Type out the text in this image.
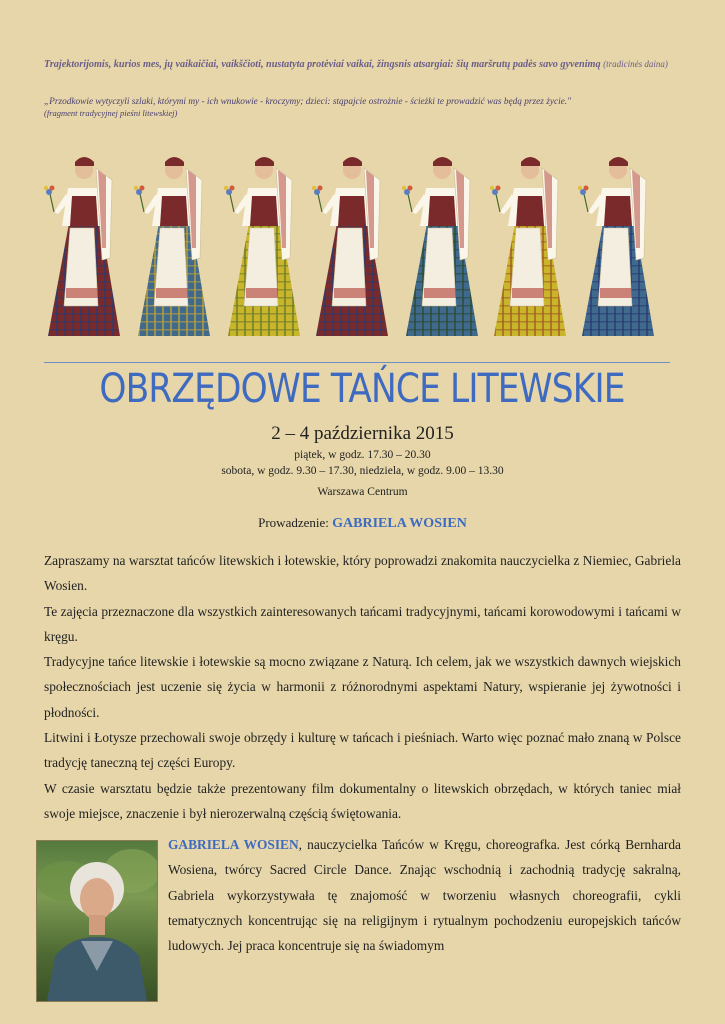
Trajektorijomis, kurios mes, jų vaikaičiai, vaikščioti, nustatyta protėviai vaikai, žingsnis atsargiai: šių maršrutų padės savo gyvenimą (tradicinės daina)
„Przodkowie wytyczyli szlaki, którymi my - ich wnukowie - kroczymy; dzieci: stąpajcie ostrożnie - ścieżki te prowadzić was będą przez życie."
(fragment tradycyjnej pieśni litewskiej)
OBRZĘDOWE TAŃCE LITEWSKIE
2 – 4 października 2015
piątek, w godz. 17.30 – 20.30
sobota, w godz. 9.30 – 17.30, niedziela, w godz. 9.00 – 13.30
Warszawa Centrum
Prowadzenie: GABRIELA WOSIEN

Zapraszamy na warsztat tańców litewskich i łotewskie, który poprowadzi znakomita nauczycielka z Niemiec, Gabriela Wosien.

Te zajęcia przeznaczone dla wszystkich zainteresowanych tańcami tradycyjnymi, tańcami korowodowymi i tańcami w kręgu.

Tradycyjne tańce litewskie i łotewskie są mocno związane z Naturą. Ich celem, jak we wszystkich dawnych wiejskich społecznościach jest uczenie się życia w harmonii z różnorodnymi aspektami Natury, wspieranie jej żywotności i płodności.

Litwini i Łotysze przechowali swoje obrzędy i kulturę w tańcach i pieśniach. Warto więc poznać mało znaną w Polsce tradycję taneczną tej części Europy.

W czasie warsztatu będzie także prezentowany film dokumentalny o litewskich obrzędach, w których taniec miał swoje miejsce, znaczenie i był nierozerwalną częścią świętowania.

GABRIELA WOSIEN, nauczycielka Tańców w Kręgu, choreografka. Jest córką Bernharda Wosiena, twórcy Sacred Circle Dance. Znając wschodnią i zachodnią tradycję sakralną, Gabriela wykorzystywała tę znajomość w tworzeniu własnych choreografii, cykli tematycznych koncentrując się na religijnym i rytualnym pochodzeniu europejskich tańców ludowych. Jej praca koncentruje się na świadomym
